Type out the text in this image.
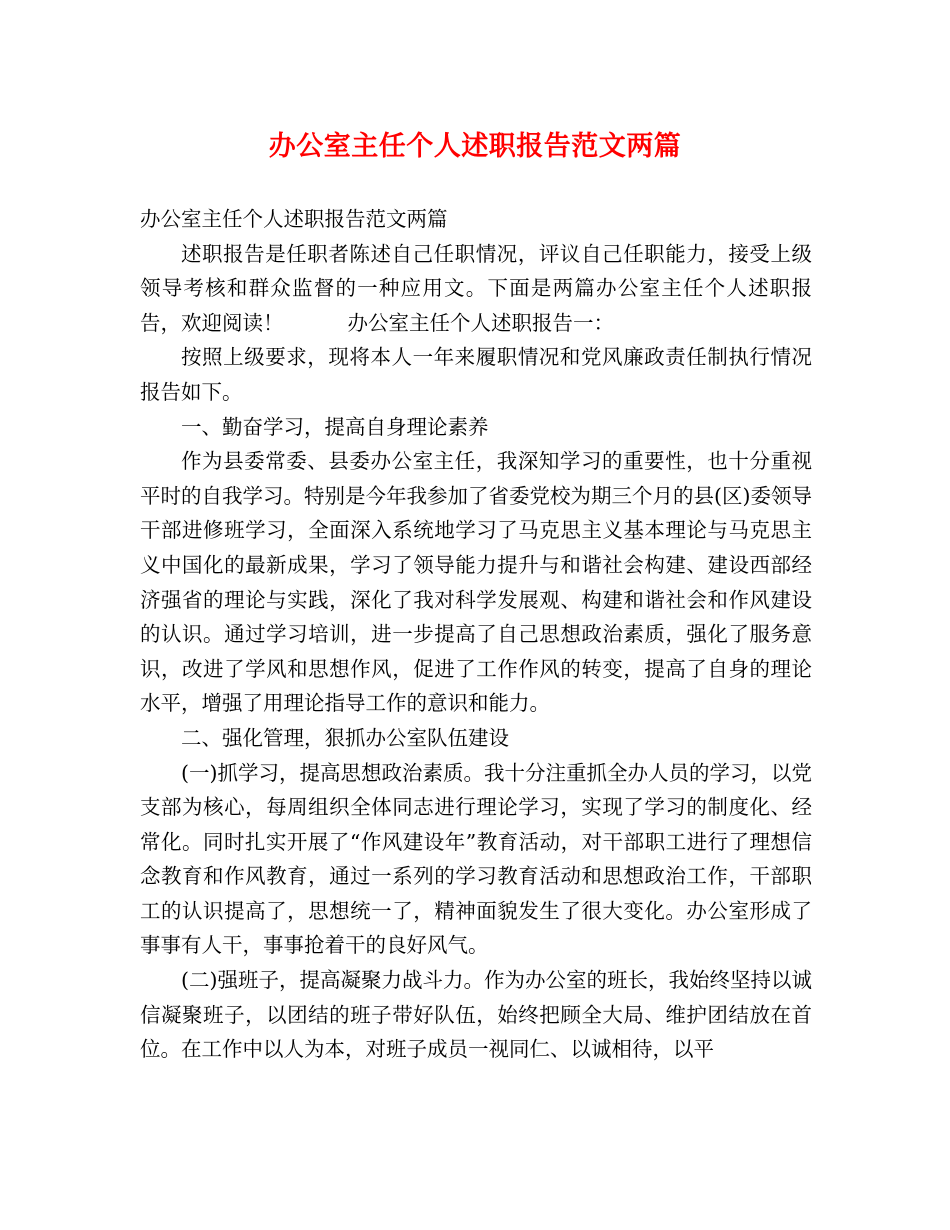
办公室主任个人述职报告范文两篇

办公室主任个人述职报告范文两篇

述职报告是任职者陈述自己任职情况，评议自己任职能力，接受上级领导考核和群众监督的一种应用文。下面是两篇办公室主任个人述职报告，欢迎阅读！	办公室主任个人述职报告一：

按照上级要求，现将本人一年来履职情况和党风廉政责任制执行情况报告如下。

一、勤奋学习，提高自身理论素养

作为县委常委、县委办公室主任，我深知学习的重要性，也十分重视平时的自我学习。特别是今年我参加了省委党校为期三个月的县(区)委领导干部进修班学习，全面深入系统地学习了马克思主义基本理论与马克思主义中国化的最新成果，学习了领导能力提升与和谐社会构建、建设西部经济强省的理论与实践，深化了我对科学发展观、构建和谐社会和作风建设的认识。通过学习培训，进一步提高了自己思想政治素质，强化了服务意识，改进了学风和思想作风，促进了工作作风的转变，提高了自身的理论水平，增强了用理论指导工作的意识和能力。

二、强化管理，狠抓办公室队伍建设

(一)抓学习，提高思想政治素质。我十分注重抓全办人员的学习，以党支部为核心，每周组织全体同志进行理论学习，实现了学习的制度化、经常化。同时扎实开展了“作风建设年”教育活动，对干部职工进行了理想信念教育和作风教育，通过一系列的学习教育活动和思想政治工作，干部职工的认识提高了，思想统一了，精神面貌发生了很大变化。办公室形成了事事有人干，事事抢着干的良好风气。

(二)强班子，提高凝聚力战斗力。作为办公室的班长，我始终坚持以诚信凝聚班子，以团结的班子带好队伍，始终把顾全大局、维护团结放在首位。在工作中以人为本，对班子成员一视同仁、以诚相待，以平
